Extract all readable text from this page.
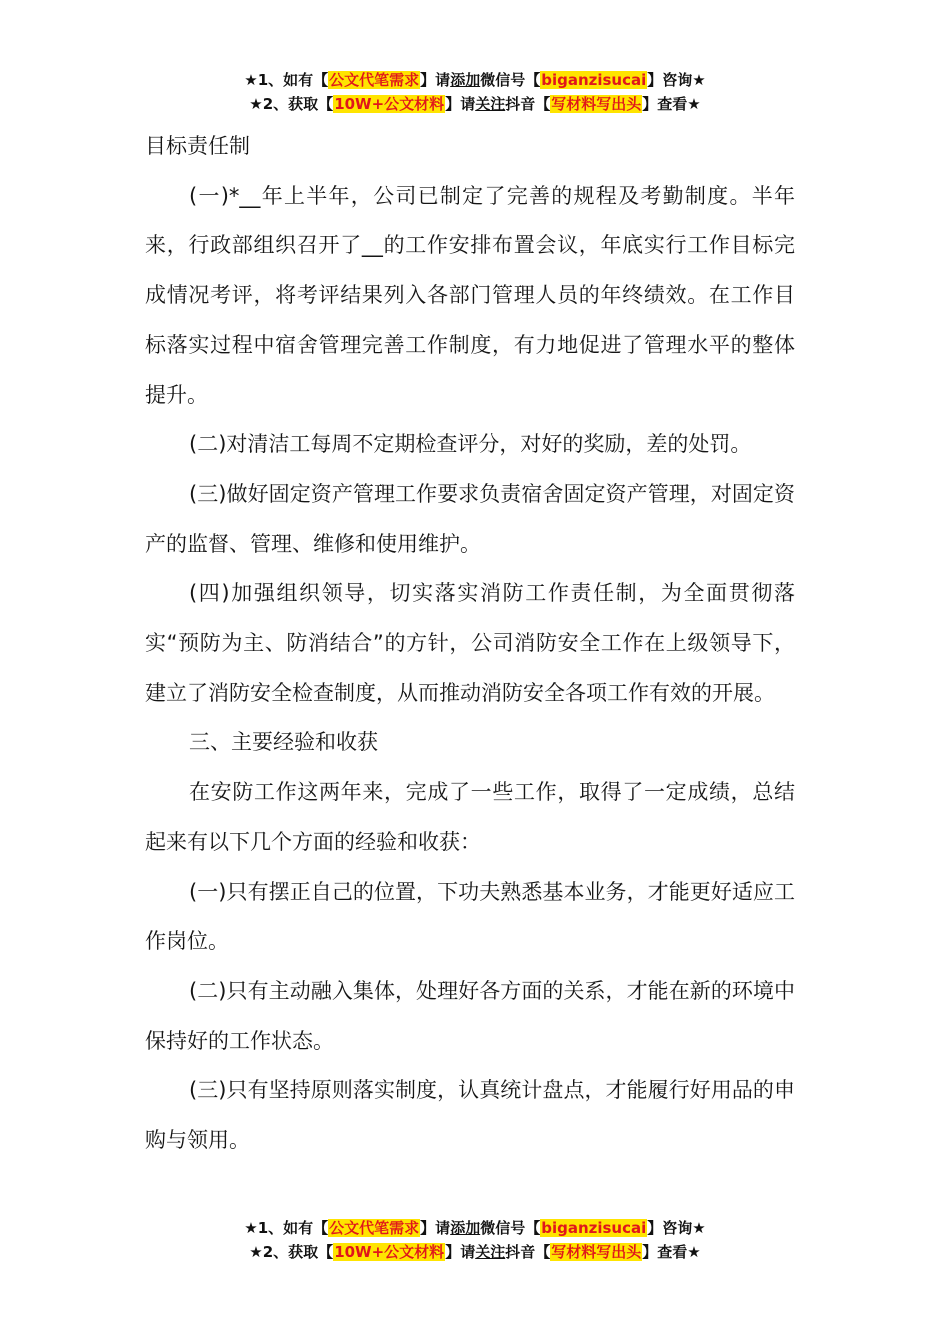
★1、如有【公文代笔需求】请添加微信号【biganzisucai】咨询★
★2、获取【10W+公文材料】请关注抖音【写材料写出头】查看★

目标责任制

(一)*__年上半年，公司已制定了完善的规程及考勤制度。半年来，行政部组织召开了__的工作安排布置会议，年底实行工作目标完成情况考评，将考评结果列入各部门管理人员的年终绩效。在工作目标落实过程中宿舍管理完善工作制度，有力地促进了管理水平的整体提升。

(二)对清洁工每周不定期检查评分，对好的奖励，差的处罚。

(三)做好固定资产管理工作要求负责宿舍固定资产管理，对固定资产的监督、管理、维修和使用维护。

(四)加强组织领导，切实落实消防工作责任制，为全面贯彻落实“预防为主、防消结合”的方针，公司消防安全工作在上级领导下，建立了消防安全检查制度，从而推动消防安全各项工作有效的开展。

三、主要经验和收获

在安防工作这两年来，完成了一些工作，取得了一定成绩，总结起来有以下几个方面的经验和收获：

(一)只有摆正自己的位置，下功夫熟悉基本业务，才能更好适应工作岗位。

(二)只有主动融入集体，处理好各方面的关系，才能在新的环境中保持好的工作状态。

(三)只有坚持原则落实制度，认真统计盘点，才能履行好用品的申购与领用。

★1、如有【公文代笔需求】请添加微信号【biganzisucai】咨询★
★2、获取【10W+公文材料】请关注抖音【写材料写出头】查看★
